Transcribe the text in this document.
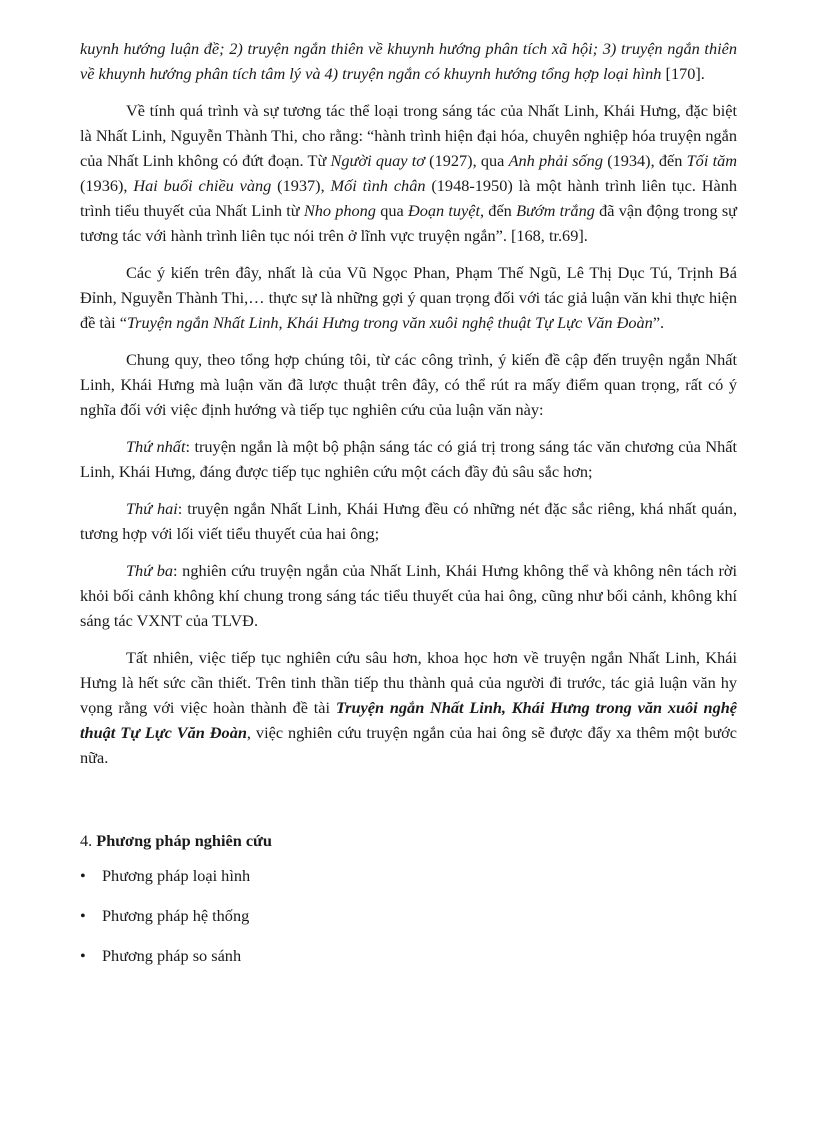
kuynh hướng luận đề; 2) truyện ngắn thiên về khuynh hướng phân tích xã hội; 3) truyện ngắn thiên về khuynh hướng phân tích tâm lý và 4) truyện ngắn có khuynh hướng tổng hợp loại hình [170].

Về tính quá trình và sự tương tác thể loại trong sáng tác của Nhất Linh, Khái Hưng, đặc biệt là Nhất Linh, Nguyễn Thành Thi, cho rằng: “hành trình hiện đại hóa, chuyên nghiệp hóa truyện ngắn của Nhất Linh không có đứt đoạn. Từ Người quay tơ (1927), qua Anh phải sống (1934), đến Tối tăm (1936), Hai buổi chiều vàng (1937), Mối tình chân (1948-1950) là một hành trình liên tục. Hành trình tiểu thuyết của Nhất Linh từ Nho phong qua Đoạn tuyệt, đến Bướm trắng đã vận động trong sự tương tác với hành trình liên tục nói trên ở lĩnh vực truyện ngắn”. [168, tr.69].

Các ý kiến trên đây, nhất là của Vũ Ngọc Phan, Phạm Thế Ngũ, Lê Thị Dục Tú, Trịnh Bá Đỉnh, Nguyễn Thành Thi,… thực sự là những gợi ý quan trọng đối với tác giả luận văn khi thực hiện đề tài “Truyện ngắn Nhất Linh, Khái Hưng trong văn xuôi nghệ thuật Tự Lực Văn Đoàn”.

Chung quy, theo tổng hợp chúng tôi, từ các công trình, ý kiến đề cập đến truyện ngắn Nhất Linh, Khái Hưng mà luận văn đã lược thuật trên đây, có thể rút ra mấy điểm quan trọng, rất có ý nghĩa đối với việc định hướng và tiếp tục nghiên cứu của luận văn này:

Thứ nhất: truyện ngắn là một bộ phận sáng tác có giá trị trong sáng tác văn chương của Nhất Linh, Khái Hưng, đáng được tiếp tục nghiên cứu một cách đầy đủ sâu sắc hơn;

Thứ hai: truyện ngắn Nhất Linh, Khái Hưng đều có những nét đặc sắc riêng, khá nhất quán, tương hợp với lối viết tiểu thuyết của hai ông;

Thứ ba: nghiên cứu truyện ngắn của Nhất Linh, Khái Hưng không thể và không nên tách rời khỏi bối cảnh không khí chung trong sáng tác tiểu thuyết của hai ông, cũng như bối cảnh, không khí sáng tác VXNT của TLVĐ.

Tất nhiên, việc tiếp tục nghiên cứu sâu hơn, khoa học hơn về truyện ngắn Nhất Linh, Khái Hưng là hết sức cần thiết. Trên tinh thần tiếp thu thành quả của người đi trước, tác giả luận văn hy vọng rằng với việc hoàn thành đề tài Truyện ngắn Nhất Linh, Khái Hưng trong văn xuôi nghệ thuật Tự Lực Văn Đoàn, việc nghiên cứu truyện ngắn của hai ông sẽ được đẩy xa thêm một bước nữa.

4. Phương pháp nghiên cứu

• Phương pháp loại hình
• Phương pháp hệ thống
• Phương pháp so sánh
